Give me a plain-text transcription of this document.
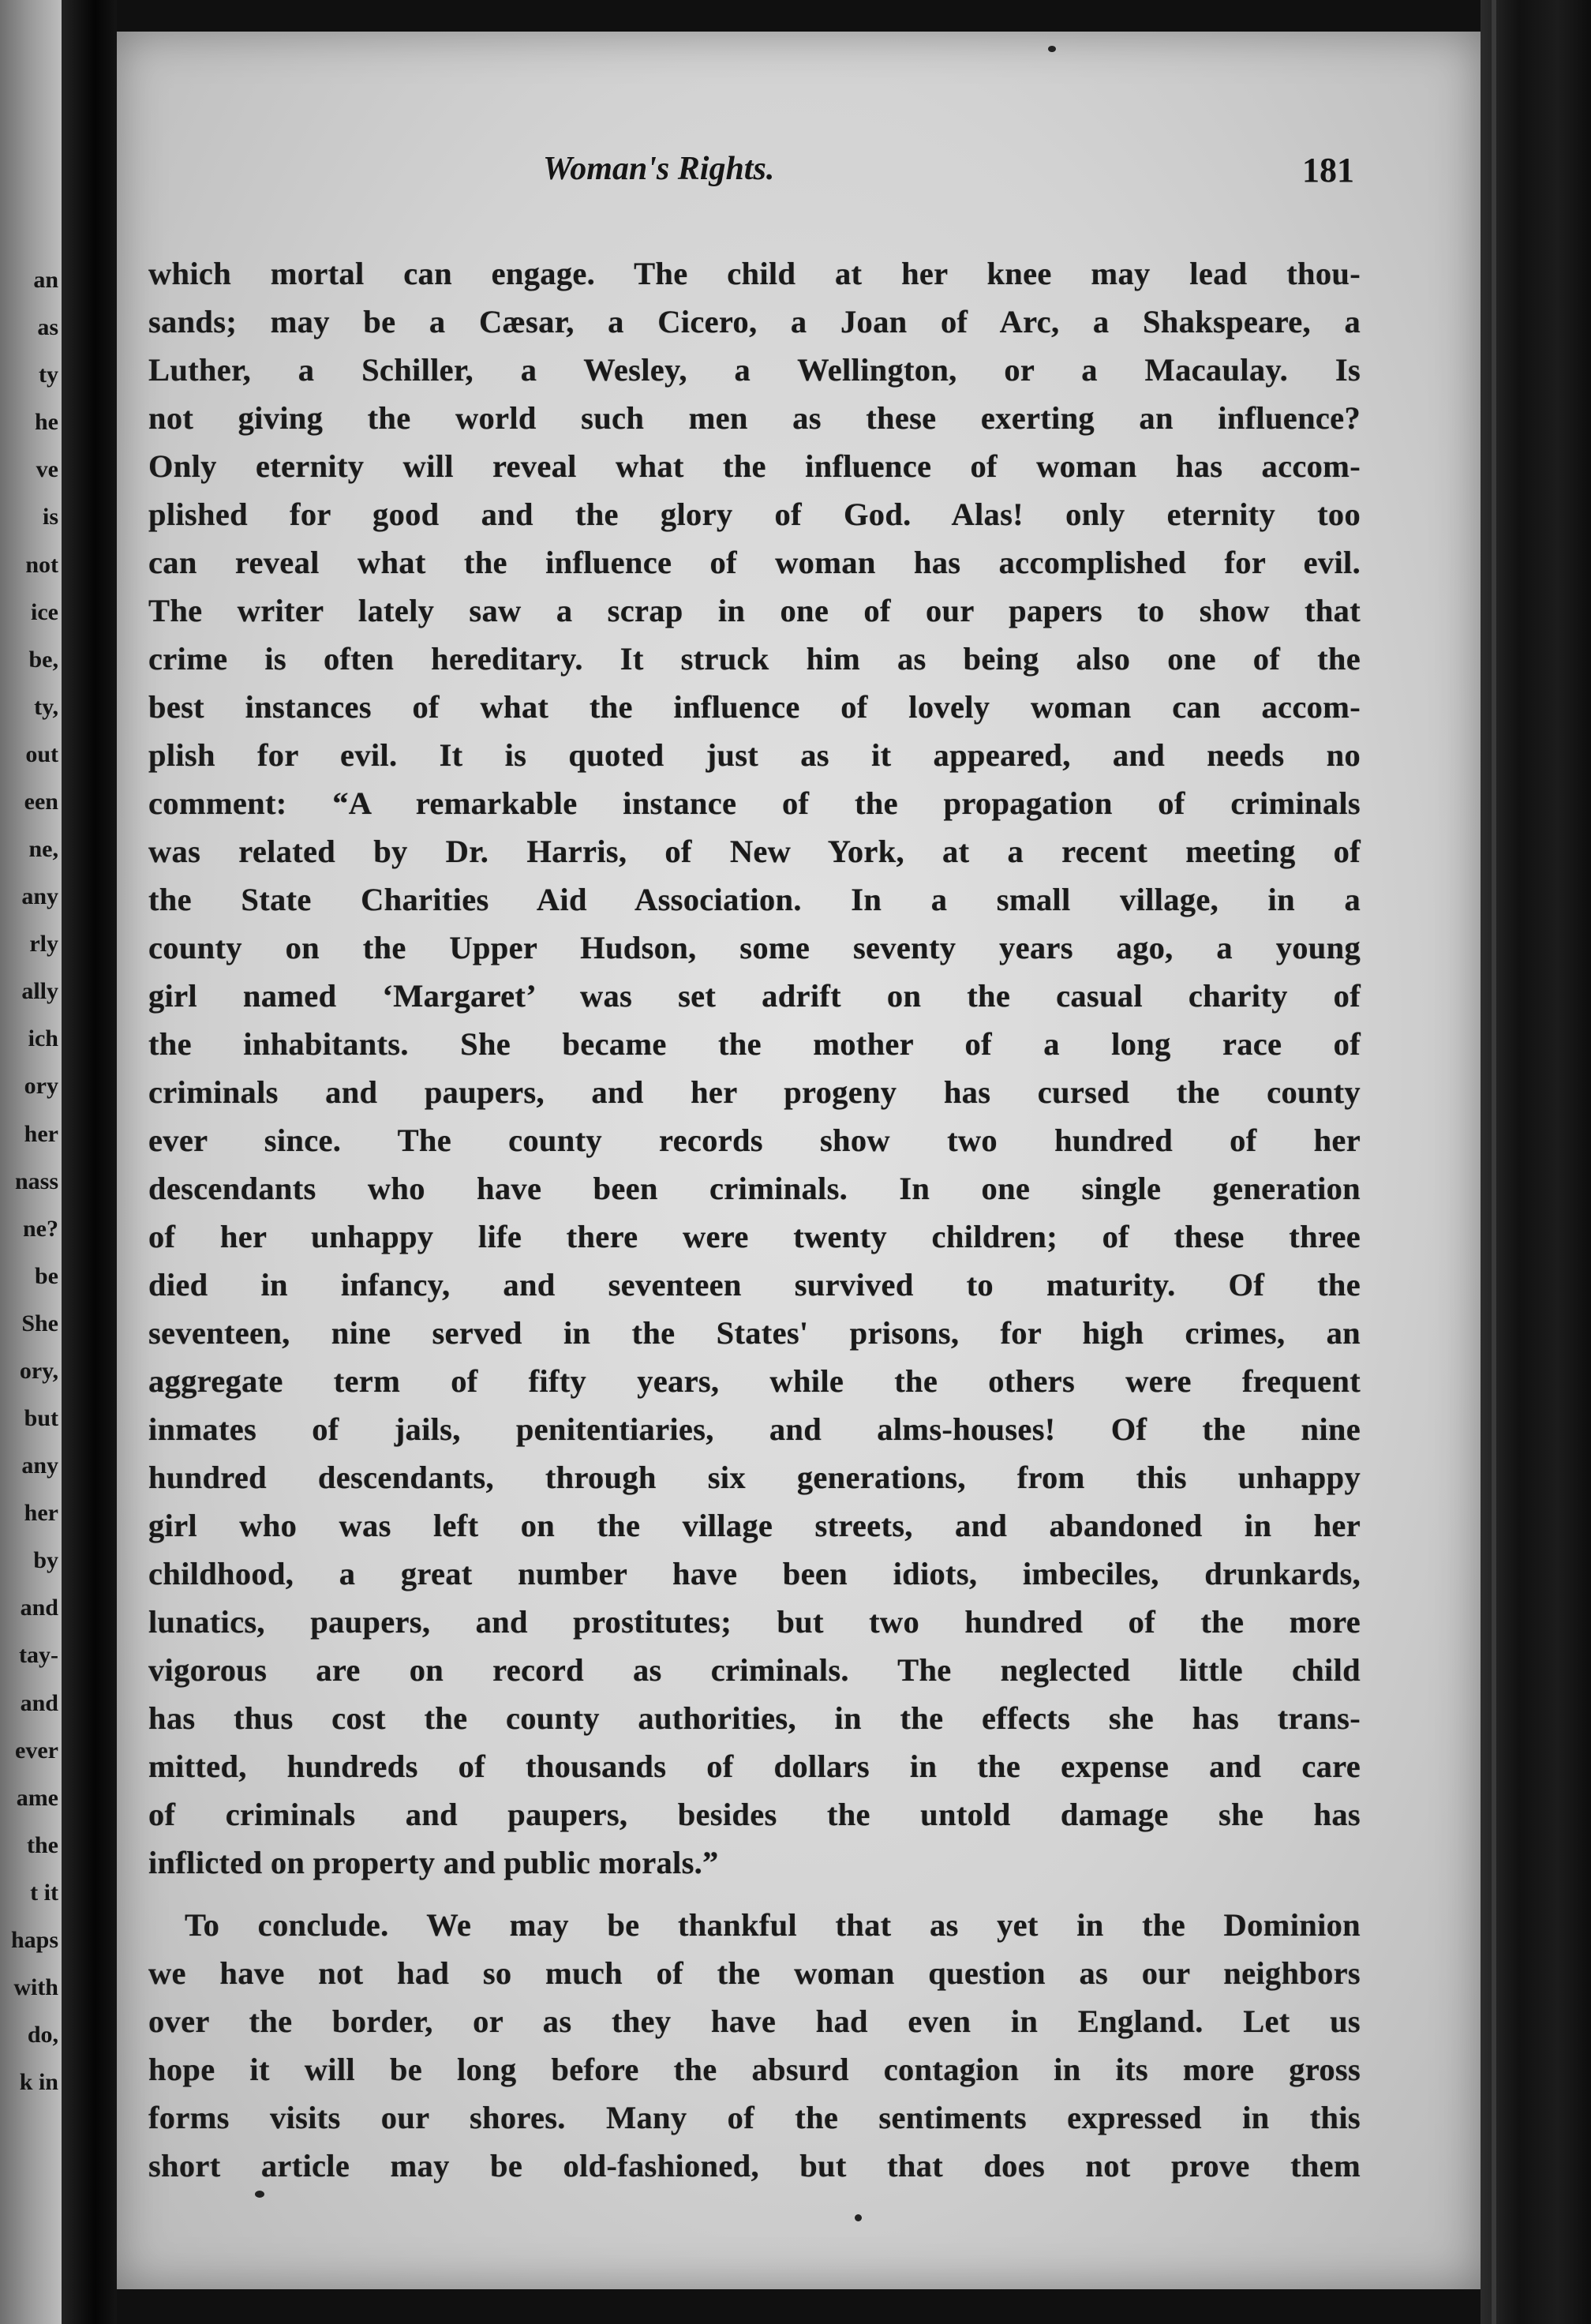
an
as
ty
he
ve
is
not
ice
be,
ty,
out
een
ne,
any
rly
ally
ich
ory
her
nass
ne?
be
She
ory,
but
any
her
by
and
tay-
and
ever
ame
the
t it
haps
with
do,
k in
Woman's Rights.	181
which mortal can engage. The child at her knee may lead thou-
sands; may be a Cæsar, a Cicero, a Joan of Arc, a Shakspeare, a
Luther, a Schiller, a Wesley, a Wellington, or a Macaulay. Is
not giving the world such men as these exerting an influence?
Only eternity will reveal what the influence of woman has accom-
plished for good and the glory of God. Alas! only eternity too
can reveal what the influence of woman has accomplished for evil.
The writer lately saw a scrap in one of our papers to show that
crime is often hereditary. It struck him as being also one of the
best instances of what the influence of lovely woman can accom-
plish for evil. It is quoted just as it appeared, and needs no
comment: “A remarkable instance of the propagation of criminals
was related by Dr. Harris, of New York, at a recent meeting of
the State Charities Aid Association. In a small village, in a
county on the Upper Hudson, some seventy years ago, a young
girl named ‘Margaret’ was set adrift on the casual charity of
the inhabitants. She became the mother of a long race of
criminals and paupers, and her progeny has cursed the county
ever since. The county records show two hundred of her
descendants who have been criminals. In one single generation
of her unhappy life there were twenty children; of these three
died in infancy, and seventeen survived to maturity. Of the
seventeen, nine served in the States' prisons, for high crimes, an
aggregate term of fifty years, while the others were frequent
inmates of jails, penitentiaries, and alms-houses! Of the nine
hundred descendants, through six generations, from this unhappy
girl who was left on the village streets, and abandoned in her
childhood, a great number have been idiots, imbeciles, drunkards,
lunatics, paupers, and prostitutes; but two hundred of the more
vigorous are on record as criminals. The neglected little child
has thus cost the county authorities, in the effects she has trans-
mitted, hundreds of thousands of dollars in the expense and care
of criminals and paupers, besides the untold damage she has
inflicted on property and public morals.”
To conclude. We may be thankful that as yet in the Dominion
we have not had so much of the woman question as our neighbors
over the border, or as they have had even in England. Let us
hope it will be long before the absurd contagion in its more gross
forms visits our shores. Many of the sentiments expressed in this
short article may be old-fashioned, but that does not prove them
